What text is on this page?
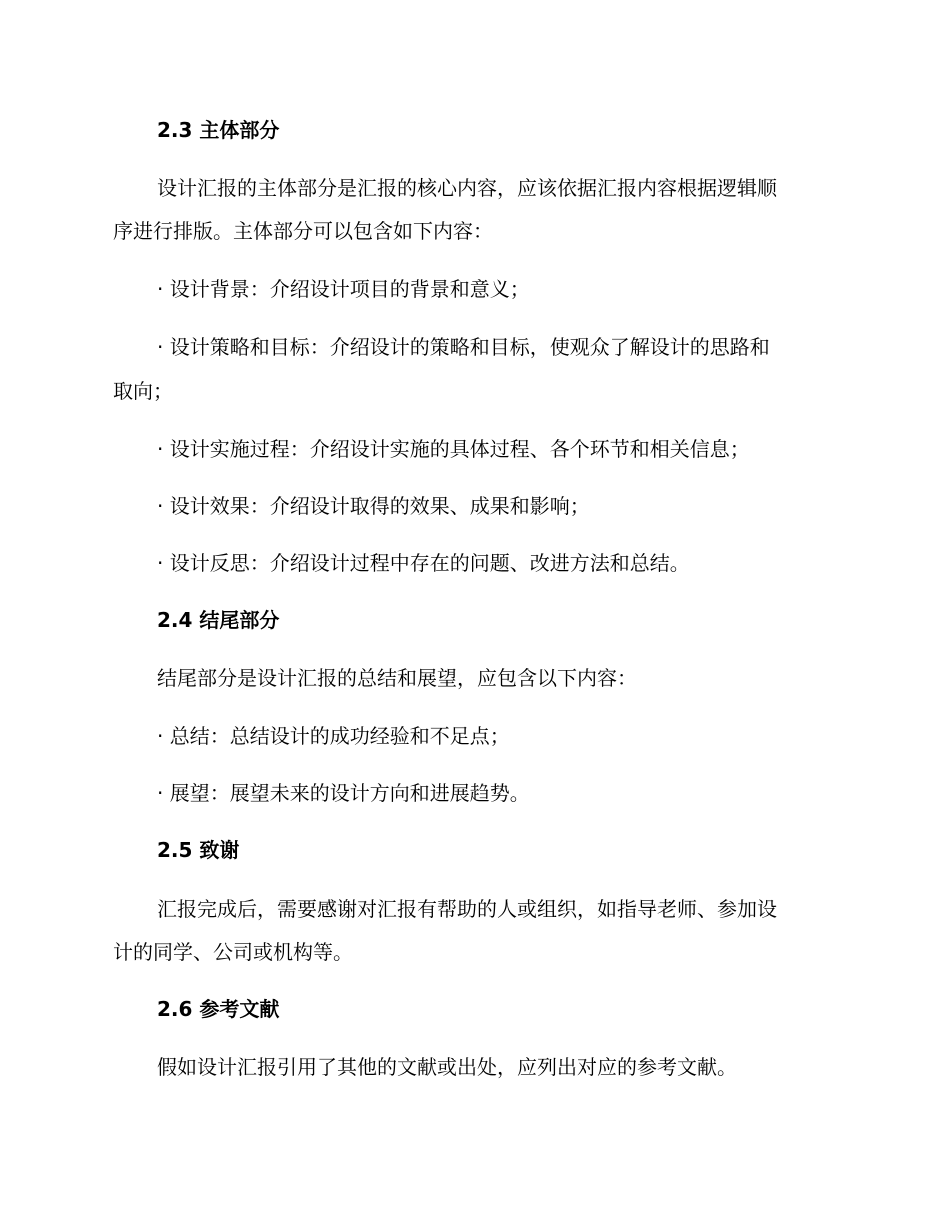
2.3 主体部分

设计汇报的主体部分是汇报的核心内容，应该依据汇报内容根据逻辑顺

序进行排版。主体部分可以包含如下内容：

· 设计背景：介绍设计项目的背景和意义；

· 设计策略和目标：介绍设计的策略和目标，使观众了解设计的思路和

取向；

· 设计实施过程：介绍设计实施的具体过程、各个环节和相关信息；

· 设计效果：介绍设计取得的效果、成果和影响；

· 设计反思：介绍设计过程中存在的问题、改进方法和总结。

2.4 结尾部分

结尾部分是设计汇报的总结和展望，应包含以下内容：

· 总结：总结设计的成功经验和不足点；

· 展望：展望未来的设计方向和进展趋势。

2.5 致谢

汇报完成后，需要感谢对汇报有帮助的人或组织，如指导老师、参加设

计的同学、公司或机构等。

2.6 参考文献

假如设计汇报引用了其他的文献或出处，应列出对应的参考文献。
